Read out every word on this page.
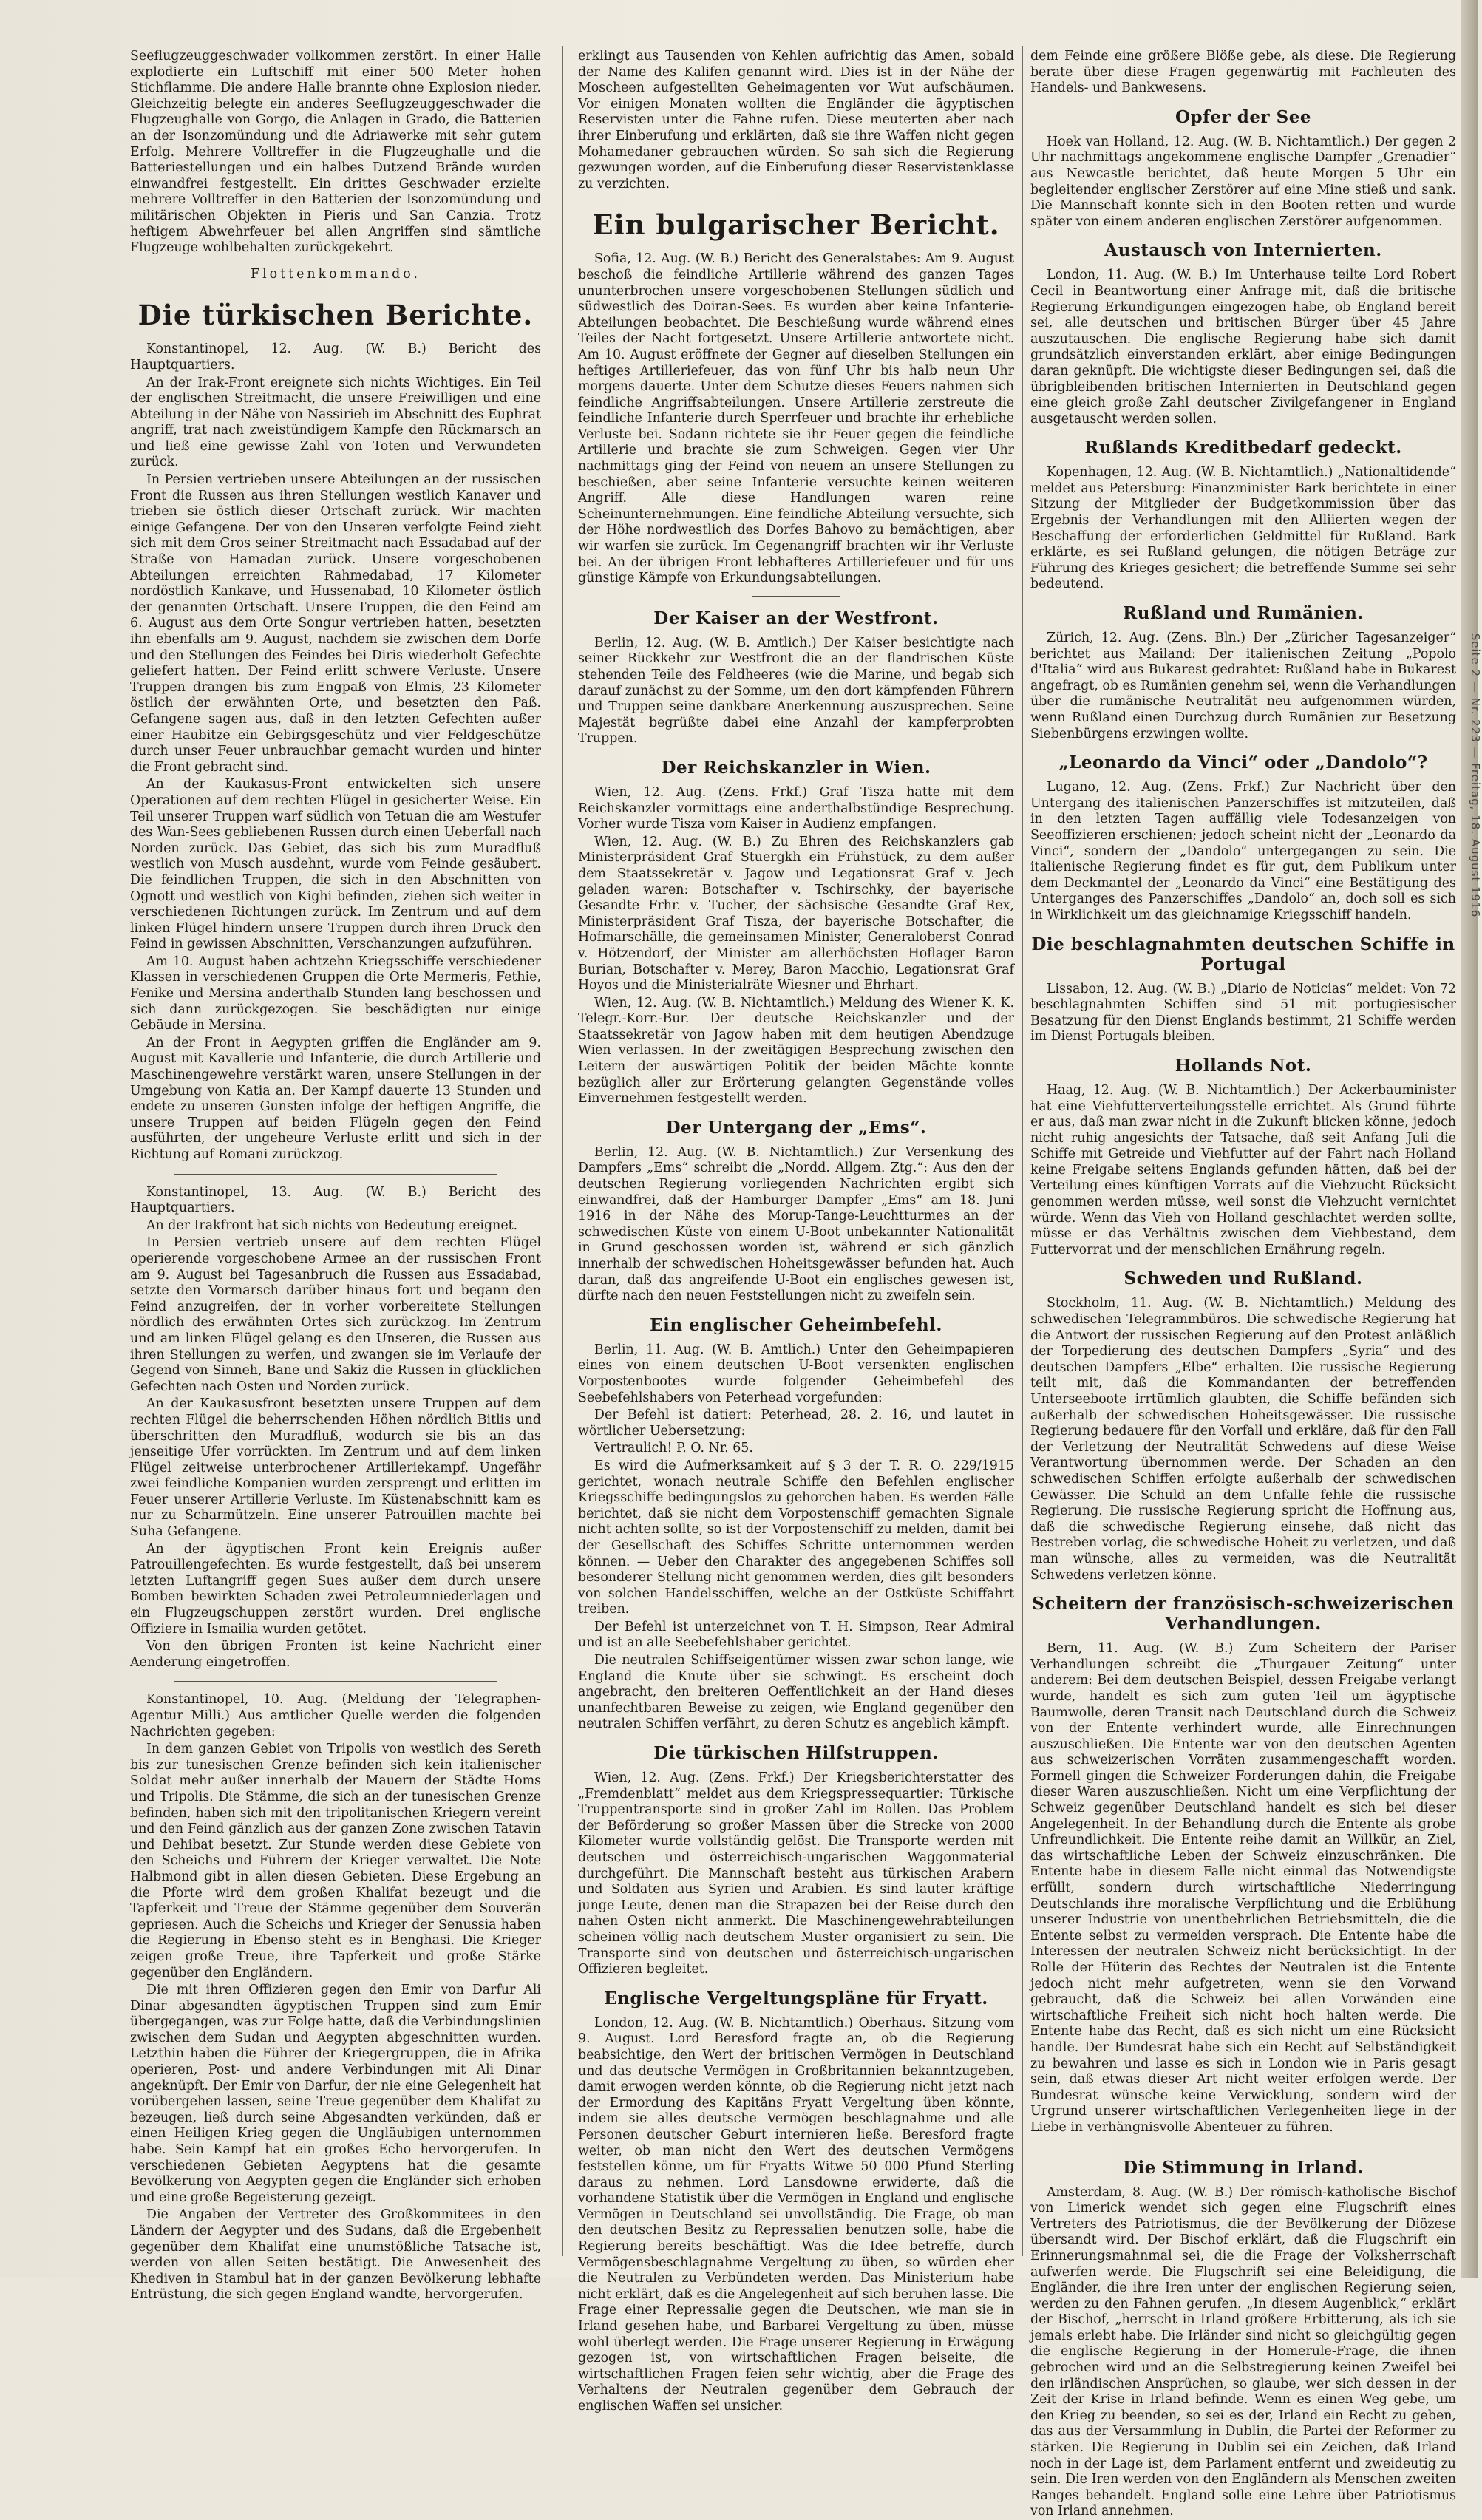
Seeflugzeuggeschwader vollkommen zerstört. In einer Halle explodierte ein Luftschiff mit einer 500 Meter hohen Stichflamme. Die andere Halle brannte ohne Explosion nieder. Gleichzeitig belegte ein anderes Seeflugzeuggeschwader die Flugzeughalle von Gorgo, die Anlagen in Grado, die Batterien an der Isonzomündung und die Adriawerke mit sehr gutem Erfolg. Mehrere Volltreffer in die Flugzeughalle und die Batteriestellungen und ein halbes Dutzend Brände wurden einwandfrei festgestellt. Ein drittes Geschwader erzielte mehrere Volltreffer in den Batterien der Isonzomündung und militärischen Objekten in Pieris und San Canzia. Trotz heftigem Abwehrfeuer bei allen Angriffen sind sämtliche Flugzeuge wohlbehalten zurückgekehrt.

Flottenkommando.

Die türkischen Berichte.

Konstantinopel, 12. Aug. (W. B.) Bericht des Hauptquartiers.

An der Irak-Front ereignete sich nichts Wichtiges. Ein Teil der englischen Streitmacht, die unsere Freiwilligen und eine Abteilung in der Nähe von Nassirieh im Abschnitt des Euphrat angriff, trat nach zweistündigem Kampfe den Rückmarsch an und ließ eine gewisse Zahl von Toten und Verwundeten zurück.

In Persien vertrieben unsere Abteilungen an der russischen Front die Russen aus ihren Stellungen westlich Kanaver und trieben sie östlich dieser Ortschaft zurück. Wir machten einige Gefangene. Der von den Unseren verfolgte Feind zieht sich mit dem Gros seiner Streitmacht nach Essadabad auf der Straße von Hamadan zurück. Unsere vorgeschobenen Abteilungen erreichten Rahmedabad, 17 Kilometer nordöstlich Kankave, und Hussenabad, 10 Kilometer östlich der genannten Ortschaft. Unsere Truppen, die den Feind am 6. August aus dem Orte Songur vertrieben hatten, besetzten ihn ebenfalls am 9. August, nachdem sie zwischen dem Dorfe und den Stellungen des Feindes bei Diris wiederholt Gefechte geliefert hatten. Der Feind erlitt schwere Verluste. Unsere Truppen drangen bis zum Engpaß von Elmis, 23 Kilometer östlich der erwähnten Orte, und besetzten den Paß. Gefangene sagen aus, daß in den letzten Gefechten außer einer Haubitze ein Gebirgsgeschütz und vier Feldgeschütze durch unser Feuer unbrauchbar gemacht wurden und hinter die Front gebracht sind.

An der Kaukasus-Front entwickelten sich unsere Operationen auf dem rechten Flügel in gesicherter Weise. Ein Teil unserer Truppen warf südlich von Tetuan die am Westufer des Wan-Sees gebliebenen Russen durch einen Ueberfall nach Norden zurück. Das Gebiet, das sich bis zum Muradfluß westlich von Musch ausdehnt, wurde vom Feinde gesäubert. Die feindlichen Truppen, die sich in den Abschnitten von Ognott und westlich von Kighi befinden, ziehen sich weiter in verschiedenen Richtungen zurück. Im Zentrum und auf dem linken Flügel hindern unsere Truppen durch ihren Druck den Feind in gewissen Abschnitten, Verschanzungen aufzuführen.

Am 10. August haben achtzehn Kriegsschiffe verschiedener Klassen in verschiedenen Gruppen die Orte Mermeris, Fethie, Fenike und Mersina anderthalb Stunden lang beschossen und sich dann zurückgezogen. Sie beschädigten nur einige Gebäude in Mersina.

An der Front in Aegypten griffen die Engländer am 9. August mit Kavallerie und Infanterie, die durch Artillerie und Maschinengewehre verstärkt waren, unsere Stellungen in der Umgebung von Katia an. Der Kampf dauerte 13 Stunden und endete zu unseren Gunsten infolge der heftigen Angriffe, die unsere Truppen auf beiden Flügeln gegen den Feind ausführten, der ungeheure Verluste erlitt und sich in der Richtung auf Romani zurückzog.

Konstantinopel, 13. Aug. (W. B.) Bericht des Hauptquartiers.

An der Irakfront hat sich nichts von Bedeutung ereignet.

In Persien vertrieb unsere auf dem rechten Flügel operierende vorgeschobene Armee an der russischen Front am 9. August bei Tagesanbruch die Russen aus Essadabad, setzte den Vormarsch darüber hinaus fort und begann den Feind anzugreifen, der in vorher vorbereitete Stellungen nördlich des erwähnten Ortes sich zurückzog. Im Zentrum und am linken Flügel gelang es den Unseren, die Russen aus ihren Stellungen zu werfen, und zwangen sie im Verlaufe der Gegend von Sinneh, Bane und Sakiz die Russen in glücklichen Gefechten nach Osten und Norden zurück.

An der Kaukasusfront besetzten unsere Truppen auf dem rechten Flügel die beherrschenden Höhen nördlich Bitlis und überschritten den Muradfluß, wodurch sie bis an das jenseitige Ufer vorrückten. Im Zentrum und auf dem linken Flügel zeitweise unterbrochener Artilleriekampf. Ungefähr zwei feindliche Kompanien wurden zersprengt und erlitten im Feuer unserer Artillerie Verluste. Im Küstenabschnitt kam es nur zu Scharmützeln. Eine unserer Patrouillen machte bei Suha Gefangene.

An der ägyptischen Front kein Ereignis außer Patrouillengefechten. Es wurde festgestellt, daß bei unserem letzten Luftangriff gegen Sues außer dem durch unsere Bomben bewirkten Schaden zwei Petroleumniederlagen und ein Flugzeugschuppen zerstört wurden. Drei englische Offiziere in Ismailia wurden getötet.

Von den übrigen Fronten ist keine Nachricht einer Aenderung eingetroffen.

Konstantinopel, 10. Aug. (Meldung der Telegraphen-Agentur Milli.) Aus amtlicher Quelle werden die folgenden Nachrichten gegeben:

In dem ganzen Gebiet von Tripolis von westlich des Sereth bis zur tunesischen Grenze befinden sich kein italienischer Soldat mehr außer innerhalb der Mauern der Städte Homs und Tripolis. Die Stämme, die sich an der tunesischen Grenze befinden, haben sich mit den tripolitanischen Kriegern vereint und den Feind gänzlich aus der ganzen Zone zwischen Tatavin und Dehibat besetzt. Zur Stunde werden diese Gebiete von den Scheichs und Führern der Krieger verwaltet. Die Note Halbmond gibt in allen diesen Gebieten. Diese Ergebung an die Pforte wird dem großen Khalifat bezeugt und die Tapferkeit und Treue der Stämme gegenüber dem Souverän gepriesen. Auch die Scheichs und Krieger der Senussia haben die Regierung in Ebenso steht es in Benghasi. Die Krieger zeigen große Treue, ihre Tapferkeit und große Stärke gegenüber den Engländern.

Die mit ihren Offizieren gegen den Emir von Darfur Ali Dinar abgesandten ägyptischen Truppen sind zum Emir übergegangen, was zur Folge hatte, daß die Verbindungslinien zwischen dem Sudan und Aegypten abgeschnitten wurden. Letzthin haben die Führer der Kriegergruppen, die in Afrika operieren, Post- und andere Verbindungen mit Ali Dinar angeknüpft. Der Emir von Darfur, der nie eine Gelegenheit hat vorübergehen lassen, seine Treue gegenüber dem Khalifat zu bezeugen, ließ durch seine Abgesandten verkünden, daß er einen Heiligen Krieg gegen die Ungläubigen unternommen habe. Sein Kampf hat ein großes Echo hervorgerufen. In verschiedenen Gebieten Aegyptens hat die gesamte Bevölkerung von Aegypten gegen die Engländer sich erhoben und eine große Begeisterung gezeigt.

Die Angaben der Vertreter des Großkommitees in den Ländern der Aegypter und des Sudans, daß die Ergebenheit gegenüber dem Khalifat eine unumstößliche Tatsache ist, werden von allen Seiten bestätigt. Die Anwesenheit des Khediven in Stambul hat in der ganzen Bevölkerung lebhafte Entrüstung, die sich gegen England wandte, hervorgerufen.

erklingt aus Tausenden von Kehlen aufrichtig das Amen, sobald der Name des Kalifen genannt wird. Dies ist in der Nähe der Moscheen aufgestellten Geheimagenten vor Wut aufschäumen. Vor einigen Monaten wollten die Engländer die ägyptischen Reservisten unter die Fahne rufen. Diese meuterten aber nach ihrer Einberufung und erklärten, daß sie ihre Waffen nicht gegen Mohamedaner gebrauchen würden. So sah sich die Regierung gezwungen worden, auf die Einberufung dieser Reservistenklasse zu verzichten.

Ein bulgarischer Bericht.

Sofia, 12. Aug. (W. B.) Bericht des Generalstabes: Am 9. August beschoß die feindliche Artillerie während des ganzen Tages ununterbrochen unsere vorgeschobenen Stellungen südlich und südwestlich des Doiran-Sees. Es wurden aber keine Infanterie-Abteilungen beobachtet. Die Beschießung wurde während eines Teiles der Nacht fortgesetzt. Unsere Artillerie antwortete nicht. Am 10. August eröffnete der Gegner auf dieselben Stellungen ein heftiges Artilleriefeuer, das von fünf Uhr bis halb neun Uhr morgens dauerte. Unter dem Schutze dieses Feuers nahmen sich feindliche Angriffsabteilungen. Unsere Artillerie zerstreute die feindliche Infanterie durch Sperrfeuer und brachte ihr erhebliche Verluste bei. Sodann richtete sie ihr Feuer gegen die feindliche Artillerie und brachte sie zum Schweigen. Gegen vier Uhr nachmittags ging der Feind von neuem an unsere Stellungen zu beschießen, aber seine Infanterie versuchte keinen weiteren Angriff. Alle diese Handlungen waren reine Scheinunternehmungen. Eine feindliche Abteilung versuchte, sich der Höhe nordwestlich des Dorfes Bahovo zu bemächtigen, aber wir warfen sie zurück. Im Gegenangriff brachten wir ihr Verluste bei. An der übrigen Front lebhafteres Artilleriefeuer und für uns günstige Kämpfe von Erkundungsabteilungen.

Der Kaiser an der Westfront.

Berlin, 12. Aug. (W. B. Amtlich.) Der Kaiser besichtigte nach seiner Rückkehr zur Westfront die an der flandrischen Küste stehenden Teile des Feldheeres (wie die Marine, und begab sich darauf zunächst zu der Somme, um den dort kämpfenden Führern und Truppen seine dankbare Anerkennung auszusprechen. Seine Majestät begrüßte dabei eine Anzahl der kampferprobten Truppen.

Der Reichskanzler in Wien.

Wien, 12. Aug. (Zens. Frkf.) Graf Tisza hatte mit dem Reichskanzler vormittags eine anderthalbstündige Besprechung. Vorher wurde Tisza vom Kaiser in Audienz empfangen.

Wien, 12. Aug. (W. B.) Zu Ehren des Reichskanzlers gab Ministerpräsident Graf Stuergkh ein Frühstück, zu dem außer dem Staatssekretär v. Jagow und Legationsrat Graf v. Jech geladen waren: Botschafter v. Tschirschky, der bayerische Gesandte Frhr. v. Tucher, der sächsische Gesandte Graf Rex, Ministerpräsident Graf Tisza, der bayerische Botschafter, die Hofmarschälle, die gemeinsamen Minister, Generaloberst Conrad v. Hötzendorf, der Minister am allerhöchsten Hoflager Baron Burian, Botschafter v. Merey, Baron Macchio, Legationsrat Graf Hoyos und die Ministerialräte Wiesner und Ehrhart.

Wien, 12. Aug. (W. B. Nichtamtlich.) Meldung des Wiener K. K. Telegr.-Korr.-Bur. Der deutsche Reichskanzler und der Staatssekretär von Jagow haben mit dem heutigen Abendzuge Wien verlassen. In der zweitägigen Besprechung zwischen den Leitern der auswärtigen Politik der beiden Mächte konnte bezüglich aller zur Erörterung gelangten Gegenstände volles Einvernehmen festgestellt werden.

Der Untergang der „Ems“.

Berlin, 12. Aug. (W. B. Nichtamtlich.) Zur Versenkung des Dampfers „Ems“ schreibt die „Nordd. Allgem. Ztg.“: Aus den der deutschen Regierung vorliegenden Nachrichten ergibt sich einwandfrei, daß der Hamburger Dampfer „Ems“ am 18. Juni 1916 in der Nähe des Morup-Tange-Leuchtturmes an der schwedischen Küste von einem U-Boot unbekannter Nationalität in Grund geschossen worden ist, während er sich gänzlich innerhalb der schwedischen Hoheitsgewässer befunden hat. Auch daran, daß das angreifende U-Boot ein englisches gewesen ist, dürfte nach den neuen Feststellungen nicht zu zweifeln sein.

Ein englischer Geheimbefehl.

Berlin, 11. Aug. (W. B. Amtlich.) Unter den Geheimpapieren eines von einem deutschen U-Boot versenkten englischen Vorpostenbootes wurde folgender Geheimbefehl des Seebefehlshabers von Peterhead vorgefunden:

Der Befehl ist datiert: Peterhead, 28. 2. 16, und lautet in wörtlicher Uebersetzung:

Vertraulich! P. O. Nr. 65.

Es wird die Aufmerksamkeit auf § 3 der T. R. O. 229/1915 gerichtet, wonach neutrale Schiffe den Befehlen englischer Kriegsschiffe bedingungslos zu gehorchen haben. Es werden Fälle berichtet, daß sie nicht dem Vorpostenschiff gemachten Signale nicht achten sollte, so ist der Vorpostenschiff zu melden, damit bei der Gesellschaft des Schiffes Schritte unternommen werden können. — Ueber den Charakter des angegebenen Schiffes soll besonderer Stellung nicht genommen werden, dies gilt besonders von solchen Handelsschiffen, welche an der Ostküste Schiffahrt treiben.

Der Befehl ist unterzeichnet von T. H. Simpson, Rear Admiral und ist an alle Seebefehlshaber gerichtet.

Die neutralen Schiffseigentümer wissen zwar schon lange, wie England die Knute über sie schwingt. Es erscheint doch angebracht, den breiteren Oeffentlichkeit an der Hand dieses unanfechtbaren Beweise zu zeigen, wie England gegenüber den neutralen Schiffen verfährt, zu deren Schutz es angeblich kämpft.

Die türkischen Hilfstruppen.

Wien, 12. Aug. (Zens. Frkf.) Der Kriegsberichterstatter des „Fremdenblatt“ meldet aus dem Kriegspressequartier: Türkische Truppentransporte sind in großer Zahl im Rollen. Das Problem der Beförderung so großer Massen über die Strecke von 2000 Kilometer wurde vollständig gelöst. Die Transporte werden mit deutschen und österreichisch-ungarischen Waggonmaterial durchgeführt. Die Mannschaft besteht aus türkischen Arabern und Soldaten aus Syrien und Arabien. Es sind lauter kräftige junge Leute, denen man die Strapazen bei der Reise durch den nahen Osten nicht anmerkt. Die Maschinengewehrabteilungen scheinen völlig nach deutschem Muster organisiert zu sein. Die Transporte sind von deutschen und österreichisch-ungarischen Offizieren begleitet.

Englische Vergeltungspläne für Fryatt.

London, 12. Aug. (W. B. Nichtamtlich.) Oberhaus. Sitzung vom 9. August. Lord Beresford fragte an, ob die Regierung beabsichtige, den Wert der britischen Vermögen in Deutschland und das deutsche Vermögen in Großbritannien bekanntzugeben, damit erwogen werden könnte, ob die Regierung nicht jetzt nach der Ermordung des Kapitäns Fryatt Vergeltung üben könnte, indem sie alles deutsche Vermögen beschlagnahme und alle Personen deutscher Geburt internieren ließe. Beresford fragte weiter, ob man nicht den Wert des deutschen Vermögens feststellen könne, um für Fryatts Witwe 50 000 Pfund Sterling daraus zu nehmen. Lord Lansdowne erwiderte, daß die vorhandene Statistik über die Vermögen in England und englische Vermögen in Deutschland sei unvollständig. Die Frage, ob man den deutschen Besitz zu Repressalien benutzen solle, habe die Regierung bereits beschäftigt. Was die Idee betreffe, durch Vermögensbeschlagnahme Vergeltung zu üben, so würden eher die Neutralen zu Verbündeten werden. Das Ministerium habe nicht erklärt, daß es die Angelegenheit auf sich beruhen lasse. Die Frage einer Repressalie gegen die Deutschen, wie man sie in Irland gesehen habe, und Barbarei Vergeltung zu üben, müsse wohl überlegt werden. Die Frage unserer Regierung in Erwägung gezogen ist, von wirtschaftlichen Fragen beiseite, die wirtschaftlichen Fragen feien sehr wichtig, aber die Frage des Verhaltens der Neutralen gegenüber dem Gebrauch der englischen Waffen sei unsicher.

dem Feinde eine größere Blöße gebe, als diese. Die Regierung berate über diese Fragen gegenwärtig mit Fachleuten des Handels- und Bankwesens.

Opfer der See

Hoek van Holland, 12. Aug. (W. B. Nichtamtlich.) Der gegen 2 Uhr nachmittags angekommene englische Dampfer „Grenadier“ aus Newcastle berichtet, daß heute Morgen 5 Uhr ein begleitender englischer Zerstörer auf eine Mine stieß und sank. Die Mannschaft konnte sich in den Booten retten und wurde später von einem anderen englischen Zerstörer aufgenommen.

Austausch von Internierten.

London, 11. Aug. (W. B.) Im Unterhause teilte Lord Robert Cecil in Beantwortung einer Anfrage mit, daß die britische Regierung Erkundigungen eingezogen habe, ob England bereit sei, alle deutschen und britischen Bürger über 45 Jahre auszutauschen. Die englische Regierung habe sich damit grundsätzlich einverstanden erklärt, aber einige Bedingungen daran geknüpft. Die wichtigste dieser Bedingungen sei, daß die übrigbleibenden britischen Internierten in Deutschland gegen eine gleich große Zahl deutscher Zivilgefangener in England ausgetauscht werden sollen.

Rußlands Kreditbedarf gedeckt.

Kopenhagen, 12. Aug. (W. B. Nichtamtlich.) „Nationaltidende“ meldet aus Petersburg: Finanzminister Bark berichtete in einer Sitzung der Mitglieder der Budgetkommission über das Ergebnis der Verhandlungen mit den Alliierten wegen der Beschaffung der erforderlichen Geldmittel für Rußland. Bark erklärte, es sei Rußland gelungen, die nötigen Beträge zur Führung des Krieges gesichert; die betreffende Summe sei sehr bedeutend.

Rußland und Rumänien.

Zürich, 12. Aug. (Zens. Bln.) Der „Züricher Tagesanzeiger“ berichtet aus Mailand: Der italienischen Zeitung „Popolo d'Italia“ wird aus Bukarest gedrahtet: Rußland habe in Bukarest angefragt, ob es Rumänien genehm sei, wenn die Verhandlungen über die rumänische Neutralität neu aufgenommen würden, wenn Rußland einen Durchzug durch Rumänien zur Besetzung Siebenbürgens erzwingen wollte.

„Leonardo da Vinci“ oder „Dandolo“?

Lugano, 12. Aug. (Zens. Frkf.) Zur Nachricht über den Untergang des italienischen Panzerschiffes ist mitzuteilen, daß in den letzten Tagen auffällig viele Todesanzeigen von Seeoffizieren erschienen; jedoch scheint nicht der „Leonardo da Vinci“, sondern der „Dandolo“ untergegangen zu sein. Die italienische Regierung findet es für gut, dem Publikum unter dem Deckmantel der „Leonardo da Vinci“ eine Bestätigung des Unterganges des Panzerschiffes „Dandolo“ an, doch soll es sich in Wirklichkeit um das gleichnamige Kriegsschiff handeln.

Die beschlagnahmten deutschen Schiffe in Portugal

Lissabon, 12. Aug. (W. B.) „Diario de Noticias“ meldet: Von 72 beschlagnahmten Schiffen sind 51 mit portugiesischer Besatzung für den Dienst Englands bestimmt, 21 Schiffe werden im Dienst Portugals bleiben.

Hollands Not.

Haag, 12. Aug. (W. B. Nichtamtlich.) Der Ackerbauminister hat eine Viehfutterverteilungsstelle errichtet. Als Grund führte er aus, daß man zwar nicht in die Zukunft blicken könne, jedoch nicht ruhig angesichts der Tatsache, daß seit Anfang Juli die Schiffe mit Getreide und Viehfutter auf der Fahrt nach Holland keine Freigabe seitens Englands gefunden hätten, daß bei der Verteilung eines künftigen Vorrats auf die Viehzucht Rücksicht genommen werden müsse, weil sonst die Viehzucht vernichtet würde. Wenn das Vieh von Holland geschlachtet werden sollte, müsse er das Verhältnis zwischen dem Viehbestand, dem Futtervorrat und der menschlichen Ernährung regeln.

Schweden und Rußland.

Stockholm, 11. Aug. (W. B. Nichtamtlich.) Meldung des schwedischen Telegrammbüros. Die schwedische Regierung hat die Antwort der russischen Regierung auf den Protest anläßlich der Torpedierung des deutschen Dampfers „Syria“ und des deutschen Dampfers „Elbe“ erhalten. Die russische Regierung teilt mit, daß die Kommandanten der betreffenden Unterseeboote irrtümlich glaubten, die Schiffe befänden sich außerhalb der schwedischen Hoheitsgewässer. Die russische Regierung bedauere für den Vorfall und erkläre, daß für den Fall der Verletzung der Neutralität Schwedens auf diese Weise Verantwortung übernommen werde. Der Schaden an den schwedischen Schiffen erfolgte außerhalb der schwedischen Gewässer. Die Schuld an dem Unfalle fehle die russische Regierung. Die russische Regierung spricht die Hoffnung aus, daß die schwedische Regierung einsehe, daß nicht das Bestreben vorlag, die schwedische Hoheit zu verletzen, und daß man wünsche, alles zu vermeiden, was die Neutralität Schwedens verletzen könne.

Scheitern der französisch-schweizerischen Verhandlungen.

Bern, 11. Aug. (W. B.) Zum Scheitern der Pariser Verhandlungen schreibt die „Thurgauer Zeitung“ unter anderem: Bei dem deutschen Beispiel, dessen Freigabe verlangt wurde, handelt es sich zum guten Teil um ägyptische Baumwolle, deren Transit nach Deutschland durch die Schweiz von der Entente verhindert wurde, alle Einrechnungen auszuschließen. Die Entente war von den deutschen Agenten aus schweizerischen Vorräten zusammengeschafft worden. Formell gingen die Schweizer Forderungen dahin, die Freigabe dieser Waren auszuschließen. Nicht um eine Verpflichtung der Schweiz gegenüber Deutschland handelt es sich bei dieser Angelegenheit. In der Behandlung durch die Entente als grobe Unfreundlichkeit. Die Entente reihe damit an Willkür, an Ziel, das wirtschaftliche Leben der Schweiz einzuschränken. Die Entente habe in diesem Falle nicht einmal das Notwendigste erfüllt, sondern durch wirtschaftliche Niederringung Deutschlands ihre moralische Verpflichtung und die Erblühung unserer Industrie von unentbehrlichen Betriebsmitteln, die die Entente selbst zu vermeiden versprach. Die Entente habe die Interessen der neutralen Schweiz nicht berücksichtigt. In der Rolle der Hüterin des Rechtes der Neutralen ist die Entente jedoch nicht mehr aufgetreten, wenn sie den Vorwand gebraucht, daß die Schweiz bei allen Vorwänden eine wirtschaftliche Freiheit sich nicht hoch halten werde. Die Entente habe das Recht, daß es sich nicht um eine Rücksicht handle. Der Bundesrat habe sich ein Recht auf Selbständigkeit zu bewahren und lasse es sich in London wie in Paris gesagt sein, daß etwas dieser Art nicht weiter erfolgen werde. Der Bundesrat wünsche keine Verwicklung, sondern wird der Urgrund unserer wirtschaftlichen Verlegenheiten liege in der Liebe in verhängnisvolle Abenteuer zu führen.

Die Stimmung in Irland.

Amsterdam, 8. Aug. (W. B.) Der römisch-katholische Bischof von Limerick wendet sich gegen eine Flugschrift eines Vertreters des Patriotismus, die der Bevölkerung der Diözese übersandt wird. Der Bischof erklärt, daß die Flugschrift ein Erinnerungsmahnmal sei, die die Frage der Volksherrschaft aufwerfen werde. Die Flugschrift sei eine Beleidigung, die Engländer, die ihre Iren unter der englischen Regierung seien, werden zu den Fahnen gerufen. „In diesem Augenblick,“ erklärt der Bischof, „herrscht in Irland größere Erbitterung, als ich sie jemals erlebt habe. Die Irländer sind nicht so gleichgültig gegen die englische Regierung in der Homerule-Frage, die ihnen gebrochen wird und an die Selbstregierung keinen Zweifel bei den irländischen Ansprüchen, so glaube, wer sich dessen in der Zeit der Krise in Irland befinde. Wenn es einen Weg gebe, um den Krieg zu beenden, so sei es der, Irland ein Recht zu geben, das aus der Versammlung in Dublin, die Partei der Reformer zu stärken. Die Regierung in Dublin sei ein Zeichen, daß Irland noch in der Lage ist, dem Parlament entfernt und zweideutig zu sein. Die Iren werden von den Engländern als Menschen zweiten Ranges behandelt. England solle eine Lehre über Patriotismus von Irland annehmen.

Seite 2 — Nr. 223 — Freitag, 18. August 1916
